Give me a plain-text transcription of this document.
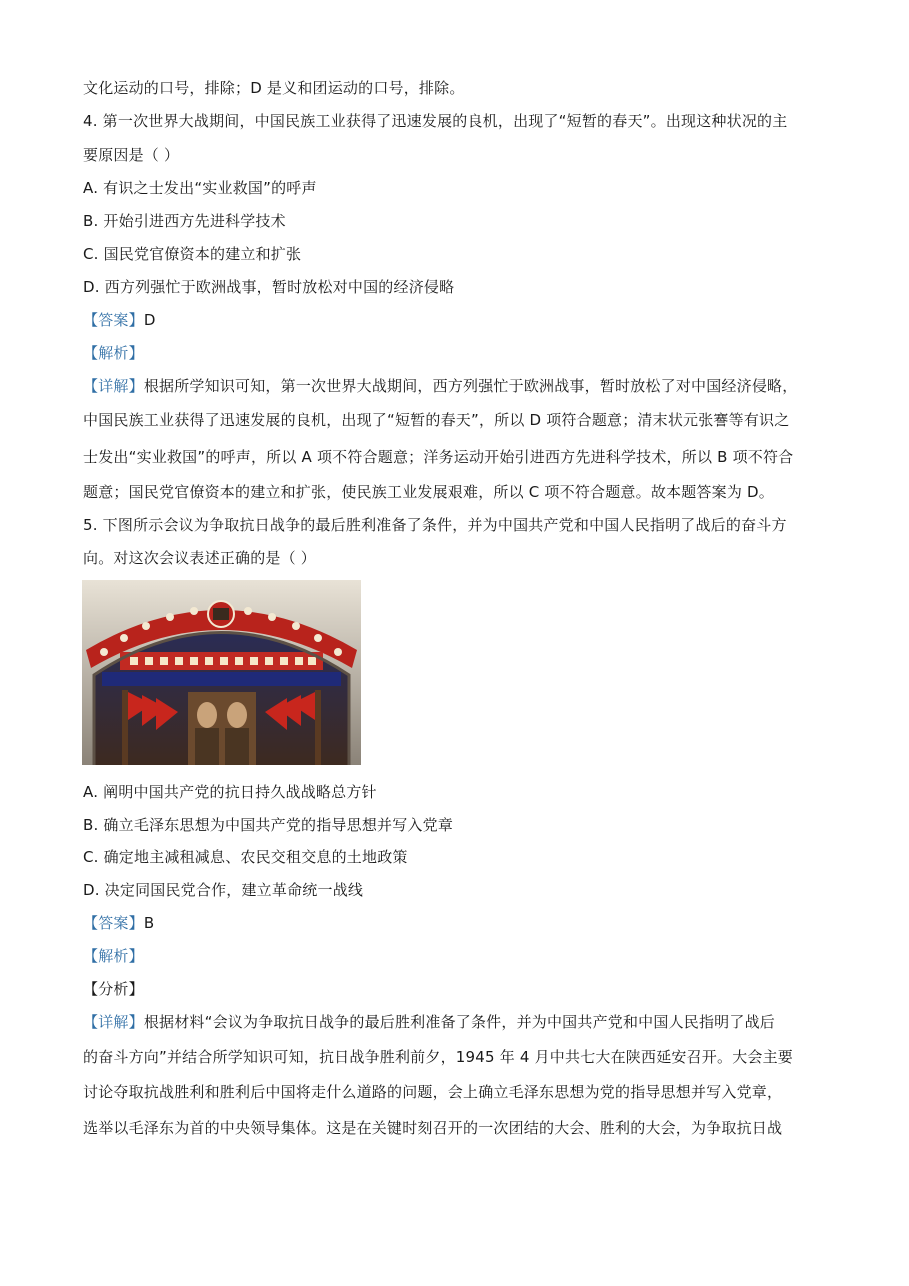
文化运动的口号，排除；D 是义和团运动的口号，排除。
4. 第一次世界大战期间，中国民族工业获得了迅速发展的良机，出现了“短暂的春天”。出现这种状况的主
要原因是（ ）
A. 有识之士发出“实业救国”的呼声
B. 开始引进西方先进科学技术
C. 国民党官僚资本的建立和扩张
D. 西方列强忙于欧洲战事，暂时放松对中国的经济侵略
【答案】D
【解析】
【详解】根据所学知识可知，第一次世界大战期间，西方列强忙于欧洲战事，暂时放松了对中国经济侵略，
中国民族工业获得了迅速发展的良机，出现了“短暂的春天”，所以 D 项符合题意；清末状元张謇等有识之
士发出“实业救国”的呼声，所以 A 项不符合题意；洋务运动开始引进西方先进科学技术，所以 B 项不符合
题意；国民党官僚资本的建立和扩张，使民族工业发展艰难，所以 C 项不符合题意。故本题答案为 D。
5. 下图所示会议为争取抗日战争的最后胜利准备了条件，并为中国共产党和中国人民指明了战后的奋斗方
向。对这次会议表述正确的是（ ）
A. 阐明中国共产党的抗日持久战战略总方针
B. 确立毛泽东思想为中国共产党的指导思想并写入党章
C. 确定地主减租减息、农民交租交息的土地政策
D. 决定同国民党合作，建立革命统一战线
【答案】B
【解析】
【分析】
【详解】根据材料“会议为争取抗日战争的最后胜利准备了条件，并为中国共产党和中国人民指明了战后
的奋斗方向”并结合所学知识可知，抗日战争胜利前夕，1945 年 4 月中共七大在陕西延安召开。大会主要
讨论夺取抗战胜利和胜利后中国将走什么道路的问题，会上确立毛泽东思想为党的指导思想并写入党章，
选举以毛泽东为首的中央领导集体。这是在关键时刻召开的一次团结的大会、胜利的大会，为争取抗日战
